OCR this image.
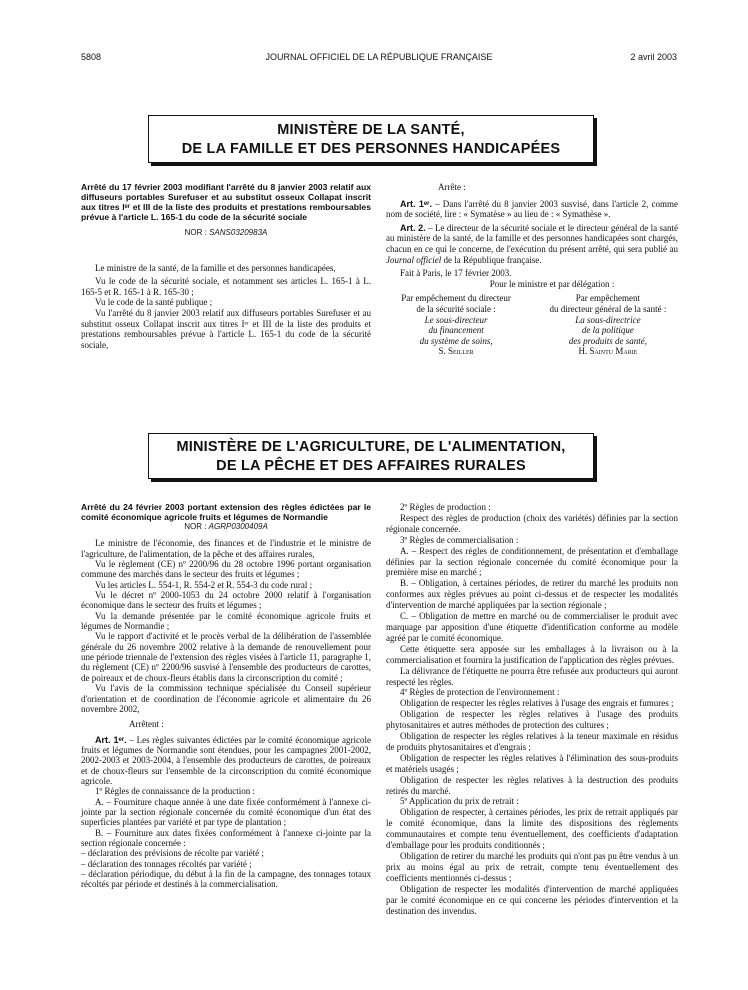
5808	JOURNAL OFFICIEL DE LA RÉPUBLIQUE FRANÇAISE	2 avril 2003
MINISTÈRE DE LA SANTÉ,
DE LA FAMILLE ET DES PERSONNES HANDICAPÉES

Arrêté du 17 février 2003 modifiant l'arrêté du 8 janvier 2003 relatif aux diffuseurs portables Surefuser et au substitut osseux Collapat inscrit aux titres Iᵉʳ et III de la liste des produits et prestations remboursables prévue à l'article L. 165-1 du code de la sécurité sociale

NOR : SANS0320983A

Le ministre de la santé, de la famille et des personnes handicapées,

Vu le code de la sécurité sociale, et notamment ses articles L. 165-1 à L. 165-5 et R. 165-1 à R. 165-30 ;

Vu le code de la santé publique ;

Vu l'arrêté du 8 janvier 2003 relatif aux diffuseurs portables Surefuser et au substitut osseux Collapat inscrit aux titres Iᵉʳ et III de la liste des produits et prestations remboursables prévue à l'article L. 165-1 du code de la sécurité sociale,

Arrête :

Art. 1ᵉʳ. – Dans l'arrêté du 8 janvier 2003 susvisé, dans l'article 2, comme nom de société, lire : « Symatèse » au lieu de : « Symathèse ».

Art. 2. – Le directeur de la sécurité sociale et le directeur général de la santé au ministère de la santé, de la famille et des personnes handicapées sont chargés, chacun en ce qui le concerne, de l'exécution du présent arrêté, qui sera publié au Journal officiel de la République française.

Fait à Paris, le 17 février 2003.

Pour le ministre et par délégation :

Par empêchement du directeur
de la sécurité sociale :
Le sous-directeur
du financement
du système de soins,
S. Seiller
Par empêchement
du directeur général de la santé :
La sous-directrice
de la politique
des produits de santé,
H. Saintu Marie
MINISTÈRE DE L'AGRICULTURE, DE L'ALIMENTATION,
DE LA PÊCHE ET DES AFFAIRES RURALES

Arrêté du 24 février 2003 portant extension des règles édictées par le comité économique agricole fruits et légumes de Normandie

NOR : AGRP0300409A

Le ministre de l'économie, des finances et de l'industrie et le ministre de l'agriculture, de l'alimentation, de la pêche et des affaires rurales,

Vu le règlement (CE) nº 2200/96 du 28 octobre 1996 portant organisation commune des marchés dans le secteur des fruits et légumes ;

Vu les articles L. 554-1, R. 554-2 et R. 554-3 du code rural ;

Vu le décret nº 2000-1053 du 24 octobre 2000 relatif à l'organisation économique dans le secteur des fruits et légumes ;

Vu la demande présentée par le comité économique agricole fruits et légumes de Normandie ;

Vu le rapport d'activité et le procès verbal de la délibération de l'assemblée générale du 26 novembre 2002 relative à la demande de renouvellement pour une période triennale de l'extension des règles visées à l'article 11, paragraphe 1, du règlement (CE) nº 2200/96 susvisé à l'ensemble des producteurs de carottes, de poireaux et de choux-fleurs établis dans la circonscription du comité ;

Vu l'avis de la commission technique spécialisée du Conseil supérieur d'orientation et de coordination de l'économie agricole et alimentaire du 26 novembre 2002,

Arrêtent :

Art. 1ᵉʳ. – Les règles suivantes édictées par le comité économique agricole fruits et légumes de Normandie sont étendues, pour les campagnes 2001-2002, 2002-2003 et 2003-2004, à l'ensemble des producteurs de carottes, de poireaux et de choux-fleurs sur l'ensemble de la circonscription du comité économique agricole.

1º Règles de connaissance de la production :

A. – Fourniture chaque année à une date fixée conformément à l'annexe ci-jointe par la section régionale concernée du comité économique d'un état des superficies plantées par variété et par type de plantation ;

B. – Fourniture aux dates fixées conformément à l'annexe ci-jointe par la section régionale concernée :

– déclaration des prévisions de récolte par variété ;

– déclaration des tonnages récoltés par variété ;

– déclaration périodique, du début à la fin de la campagne, des tonnages totaux récoltés par période et destinés à la commercialisation.

2º Règles de production :

Respect des règles de production (choix des variétés) définies par la section régionale concernée.

3º Règles de commercialisation :

A. – Respect des règles de conditionnement, de présentation et d'emballage définies par la section régionale concernée du comité économique pour la première mise en marché ;

B. – Obligation, à certaines périodes, de retirer du marché les produits non conformes aux règles prévues au point ci-dessus et de respecter les modalités d'intervention de marché appliquées par la section régionale ;

C. – Obligation de mettre en marché ou de commercialiser le produit avec marquage par apposition d'une étiquette d'identification conforme au modèle agréé par le comité économique.

Cette étiquette sera apposée sur les emballages à la livraison ou à la commercialisation et fournira la justification de l'application des règles prévues.

La délivrance de l'étiquette ne pourra être refusée aux producteurs qui auront respecté les règles.

4º Règles de protection de l'environnement :

Obligation de respecter les règles relatives à l'usage des engrais et fumures ;

Obligation de respecter les règles relatives à l'usage des produits phytosanitaires et autres méthodes de protection des cultures ;

Obligation de respecter les règles relatives à la teneur maximale en résidus de produits phytosanitaires et d'engrais ;

Obligation de respecter les règles relatives à l'élimination des sous-produits et matériels usagés ;

Obligation de respecter les règles relatives à la destruction des produits retirés du marché.

5º Application du prix de retrait :

Obligation de respecter, à certaines périodes, les prix de retrait appliqués par le comité économique, dans la limite des dispositions des règlements communautaires et compte tenu éventuellement, des coefficients d'adaptation d'emballage pour les produits conditionnés ;

Obligation de retirer du marché les produits qui n'ont pas pu être vendus à un prix au moins égal au prix de retrait, compte tenu éventuellement des coefficients mentionnés ci-dessus ;

Obligation de respecter les modalités d'intervention de marché appliquées par le comité économique en ce qui concerne les périodes d'intervention et la destination des invendus.
